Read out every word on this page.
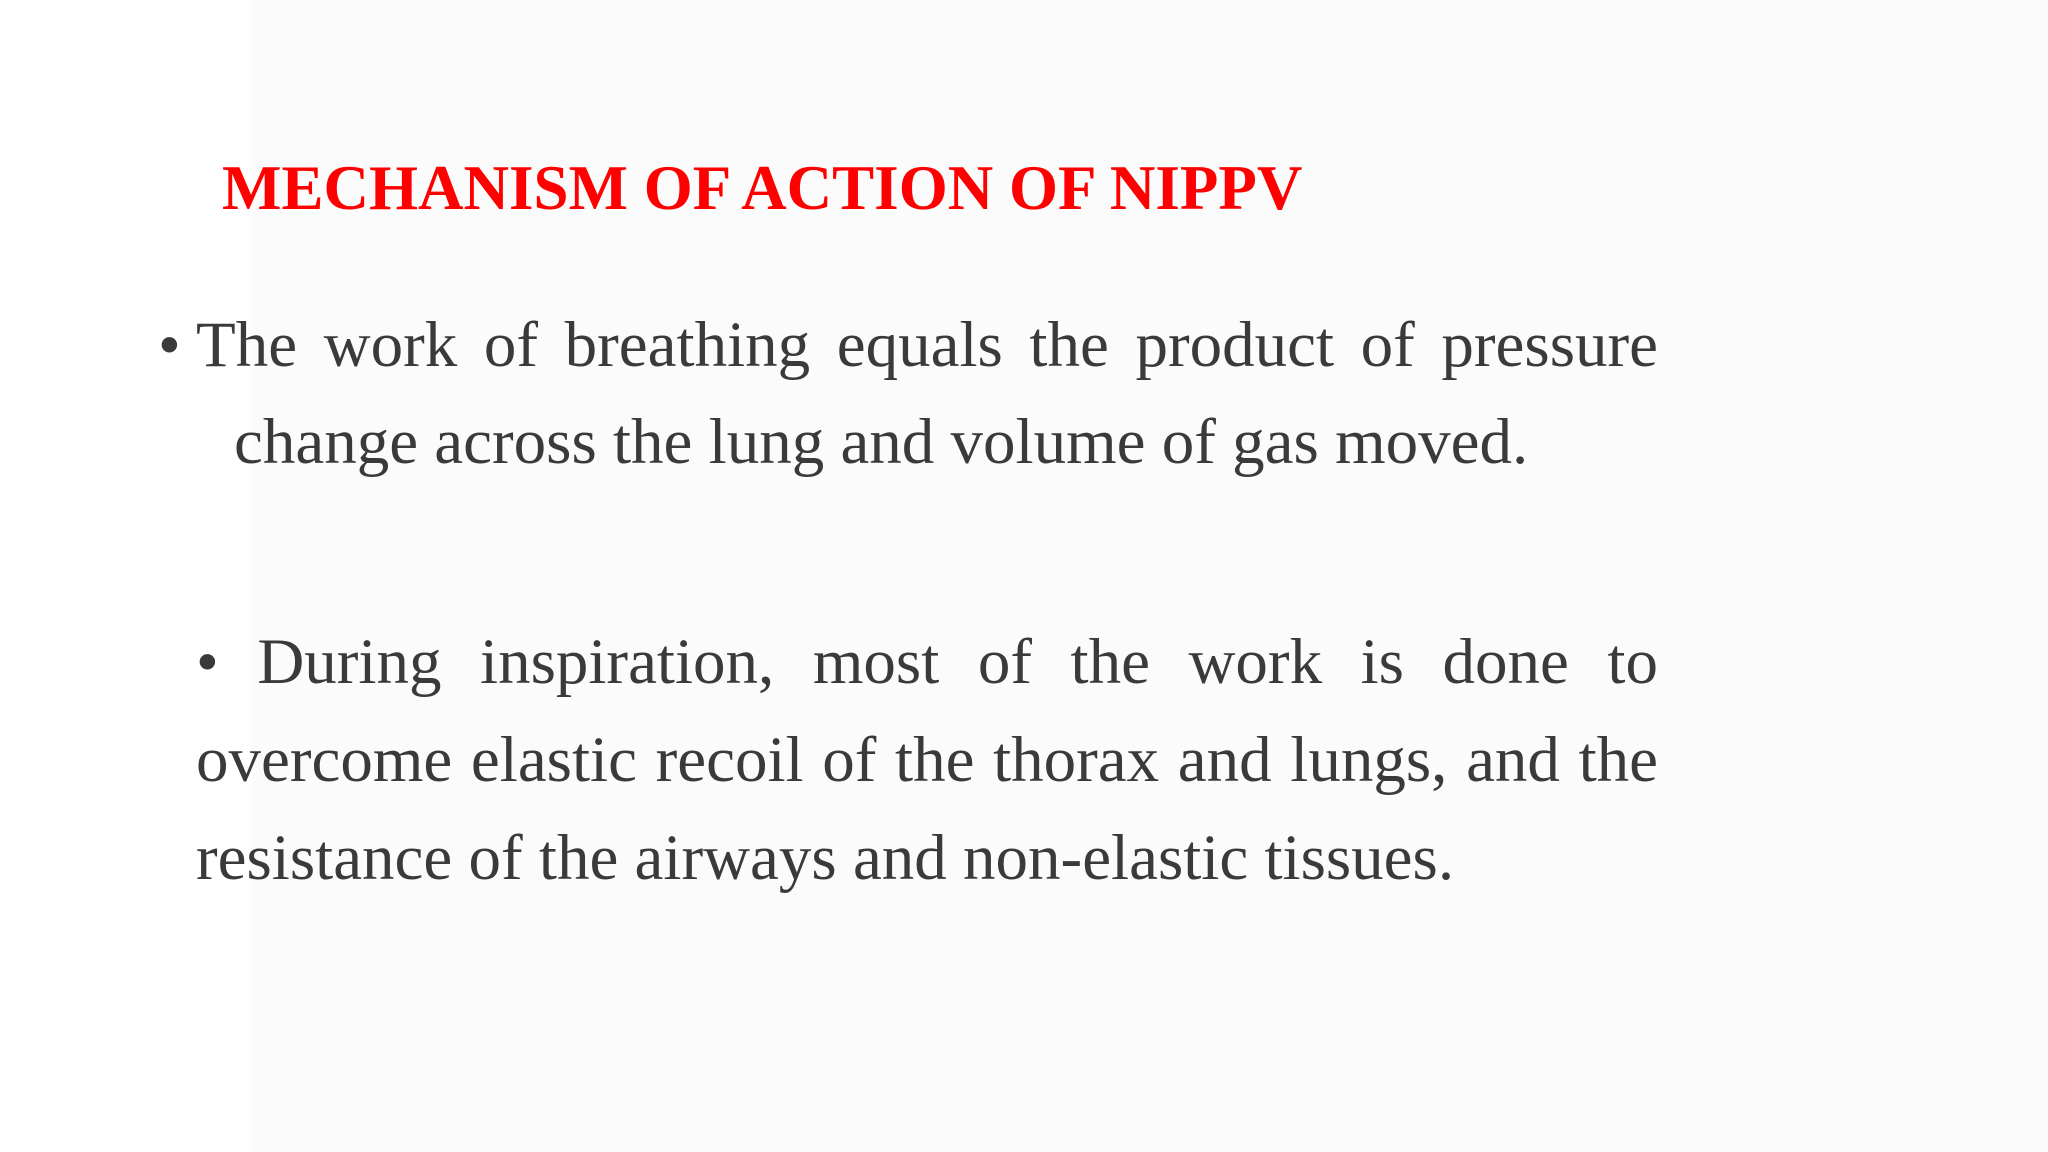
MECHANISM OF ACTION OF NIPPV

• The work of breathing equals the product of pressure change across the lung and volume of gas moved.

• During inspiration, most of the work is done to overcome elastic recoil of the thorax and lungs, and the resistance of the airways and non-elastic tissues.
